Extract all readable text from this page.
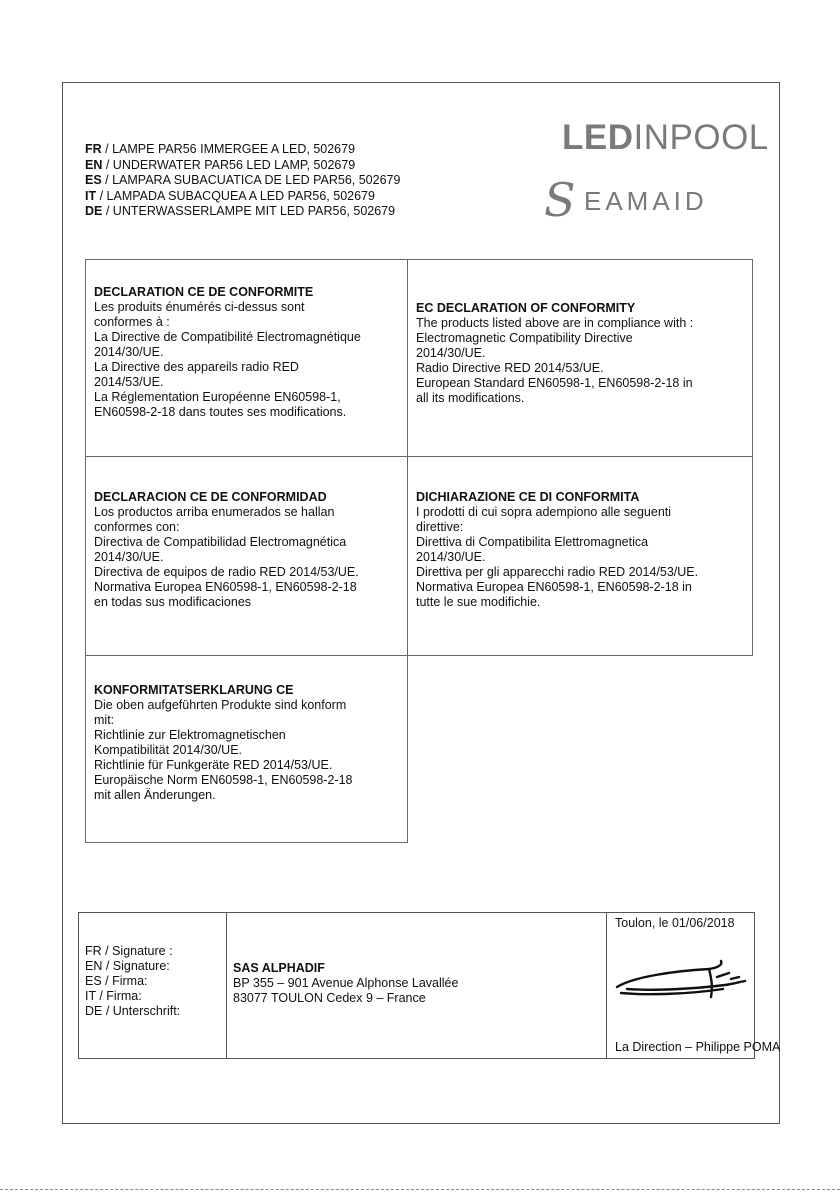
FR / LAMPE PAR56 IMMERGEE A LED, 502679
EN / UNDERWATER PAR56 LED LAMP, 502679
ES / LAMPARA SUBACUATICA DE LED PAR56, 502679
IT / LAMPADA SUBACQUEA A LED PAR56, 502679
DE / UNTERWASSERLAMPE MIT LED PAR56, 502679
LEDINPOOL
S EAMAID
DECLARATION CE DE CONFORMITE
Les produits énumérés ci-dessus sont
conformes à :
La Directive de Compatibilité Electromagnétique
2014/30/UE.
La Directive des appareils radio RED
2014/53/UE.
La Réglementation Européenne EN60598-1,
EN60598-2-18 dans toutes ses modifications.
EC DECLARATION OF CONFORMITY
The products listed above are in compliance with :
Electromagnetic Compatibility Directive
2014/30/UE.
Radio Directive RED 2014/53/UE.
European Standard EN60598-1, EN60598-2-18 in
all its modifications.
DECLARACION CE DE CONFORMIDAD
Los productos arriba enumerados se hallan
conformes con:
Directiva de Compatibilidad Electromagnética
2014/30/UE.
Directiva de equipos de radio RED 2014/53/UE.
Normativa Europea EN60598-1, EN60598-2-18
en todas sus modificaciones
DICHIARAZIONE CE DI CONFORMITA
I prodotti di cui sopra adempiono alle seguenti
direttive:
Direttiva di Compatibilita Elettromagnetica
2014/30/UE.
Direttiva per gli apparecchi radio RED 2014/53/UE.
Normativa Europea EN60598-1, EN60598-2-18 in
tutte le sue modifichie.
KONFORMITATSERKLARUNG CE
Die oben aufgeführten Produkte sind konform
mit:
Richtlinie zur Elektromagnetischen
Kompatibilität 2014/30/UE.
Richtlinie für Funkgeräte RED 2014/53/UE.
Europäische Norm EN60598-1, EN60598-2-18
mit allen Änderungen.
FR / Signature :
EN / Signature:
ES / Firma:
IT / Firma:
DE / Unterschrift:
SAS ALPHADIF
BP 355 – 901 Avenue Alphonse Lavallée
83077 TOULON Cedex 9 – France
Toulon, le 01/06/2018
La Direction – Philippe POMA
